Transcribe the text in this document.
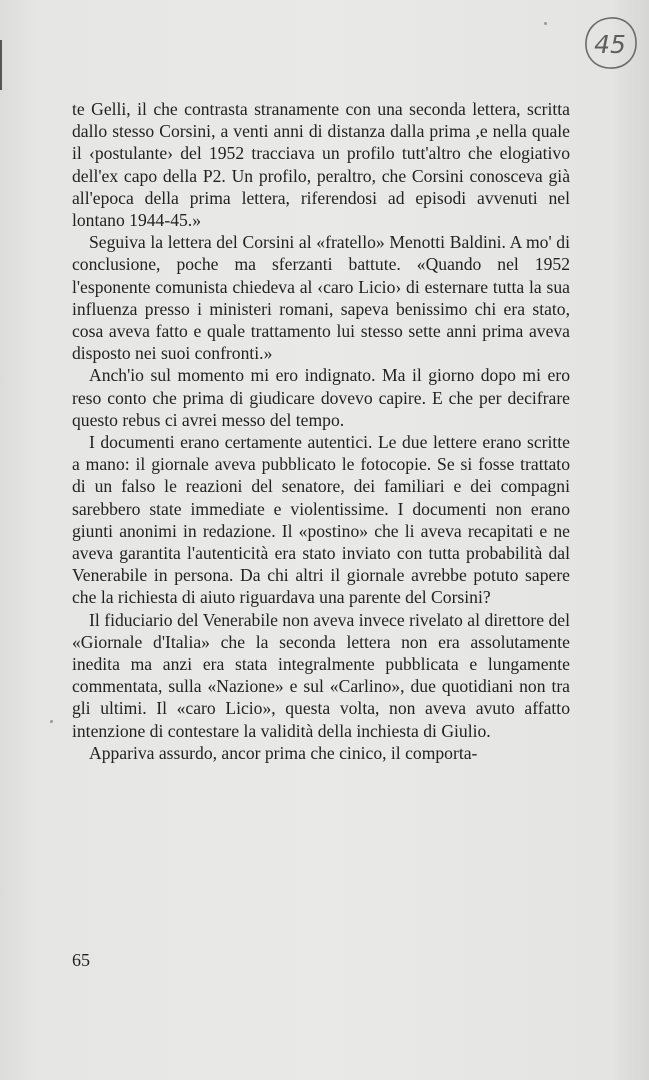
45

te Gelli, il che contrasta stranamente con una seconda lettera, scritta dallo stesso Corsini, a venti anni di distanza dalla prima ,e nella quale il ‹postulante› del 1952 tracciava un profilo tutt'altro che elogiativo dell'ex capo della P2. Un profilo, peraltro, che Corsini conosceva già all'epoca della prima lettera, riferendosi ad episodi avvenuti nel lontano 1944-45.»

Seguiva la lettera del Corsini al «fratello» Menotti Baldini. A mo' di conclusione, poche ma sferzanti battute. «Quando nel 1952 l'esponente comunista chiedeva al ‹caro Licio› di esternare tutta la sua influenza presso i ministeri romani, sapeva benissimo chi era stato, cosa aveva fatto e quale trattamento lui stesso sette anni prima aveva disposto nei suoi confronti.»

Anch'io sul momento mi ero indignato. Ma il giorno dopo mi ero reso conto che prima di giudicare dovevo capire. E che per decifrare questo rebus ci avrei messo del tempo.

I documenti erano certamente autentici. Le due lettere erano scritte a mano: il giornale aveva pubblicato le fotocopie. Se si fosse trattato di un falso le reazioni del senatore, dei familiari e dei compagni sarebbero state immediate e violentissime. I documenti non erano giunti anonimi in redazione. Il «postino» che li aveva recapitati e ne aveva garantita l'autenticità era stato inviato con tutta probabilità dal Venerabile in persona. Da chi altri il giornale avrebbe potuto sapere che la richiesta di aiuto riguardava una parente del Corsini?

Il fiduciario del Venerabile non aveva invece rivelato al direttore del «Giornale d'Italia» che la seconda lettera non era assolutamente inedita ma anzi era stata integralmente pubblicata e lungamente commentata, sulla «Nazione» e sul «Carlino», due quotidiani non tra gli ultimi. Il «caro Licio», questa volta, non aveva avuto affatto intenzione di contestare la validità della inchiesta di Giulio.

Appariva assurdo, ancor prima che cinico, il comporta-

65
